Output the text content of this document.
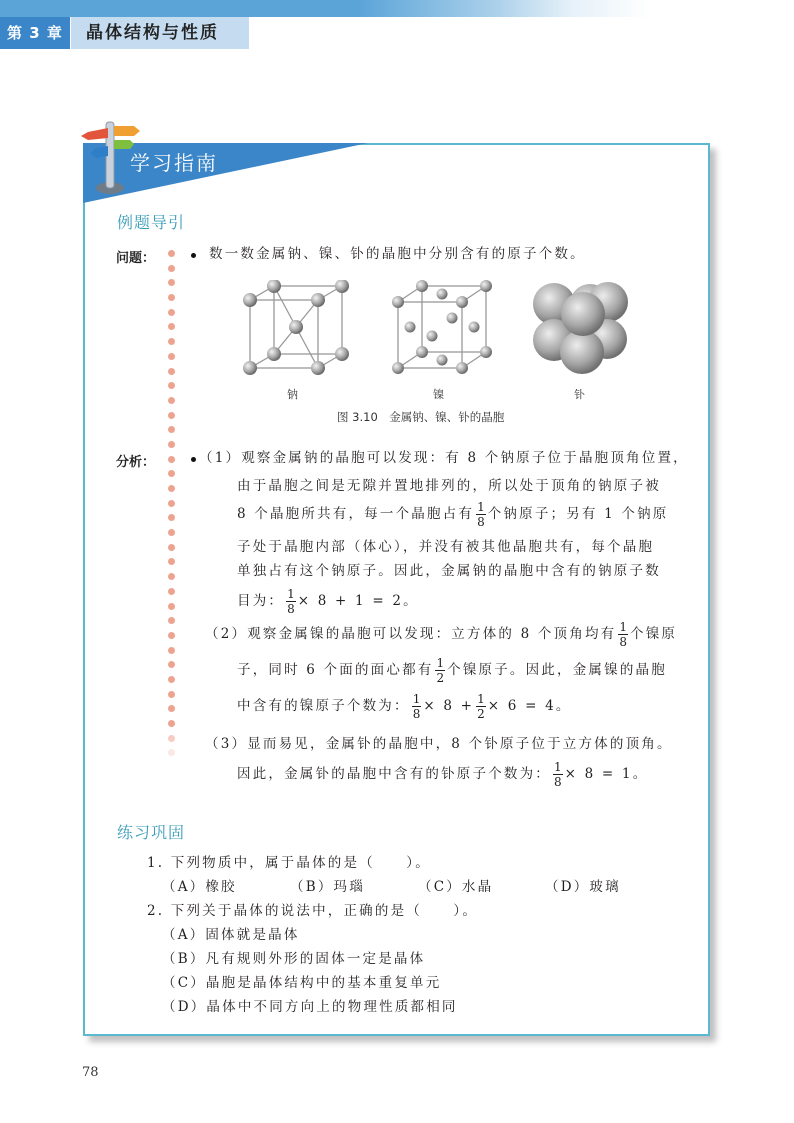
第 3 章	晶体结构与性质
学习指南
例题导引
问题：	数一数金属钠、镍、钋的晶胞中分别含有的原子个数。
钠	镍	钋
图 3.10　金属钠、镍、钋的晶胞
分析：	（1）观察金属钠的晶胞可以发现：有 8 个钠原子位于晶胞顶角位置，
由于晶胞之间是无隙并置地排列的，所以处于顶角的钠原子被
8 个晶胞所共有，每一个晶胞占有 $\frac{1}{8}$ 个钠原子；另有 1 个钠原
子处于晶胞内部（体心），并没有被其他晶胞共有，每个晶胞
单独占有这个钠原子。因此，金属钠的晶胞中含有的钠原子数
目为： $\frac{1}{8} \times 8 + 1 = 2$。
（2）观察金属镍的晶胞可以发现：立方体的 8 个顶角均有 $\frac{1}{8}$ 个镍原
子，同时 6 个面的面心都有 $\frac{1}{2}$ 个镍原子。因此，金属镍的晶胞
中含有的镍原子个数为： $\frac{1}{8} \times 8 + \frac{1}{2} \times 6 = 4$。
（3）显而易见，金属钋的晶胞中，8 个钋原子位于立方体的顶角。
因此，金属钋的晶胞中含有的钋原子个数为： $\frac{1}{8} \times 8 = 1$。
练习巩固
1. 下列物质中，属于晶体的是（　　）。
（A）橡胶	（B）玛瑙	（C）水晶	（D）玻璃
2. 下列关于晶体的说法中，正确的是（　　）。
（A）固体就是晶体
（B）凡有规则外形的固体一定是晶体
（C）晶胞是晶体结构中的基本重复单元
（D）晶体中不同方向上的物理性质都相同
78
